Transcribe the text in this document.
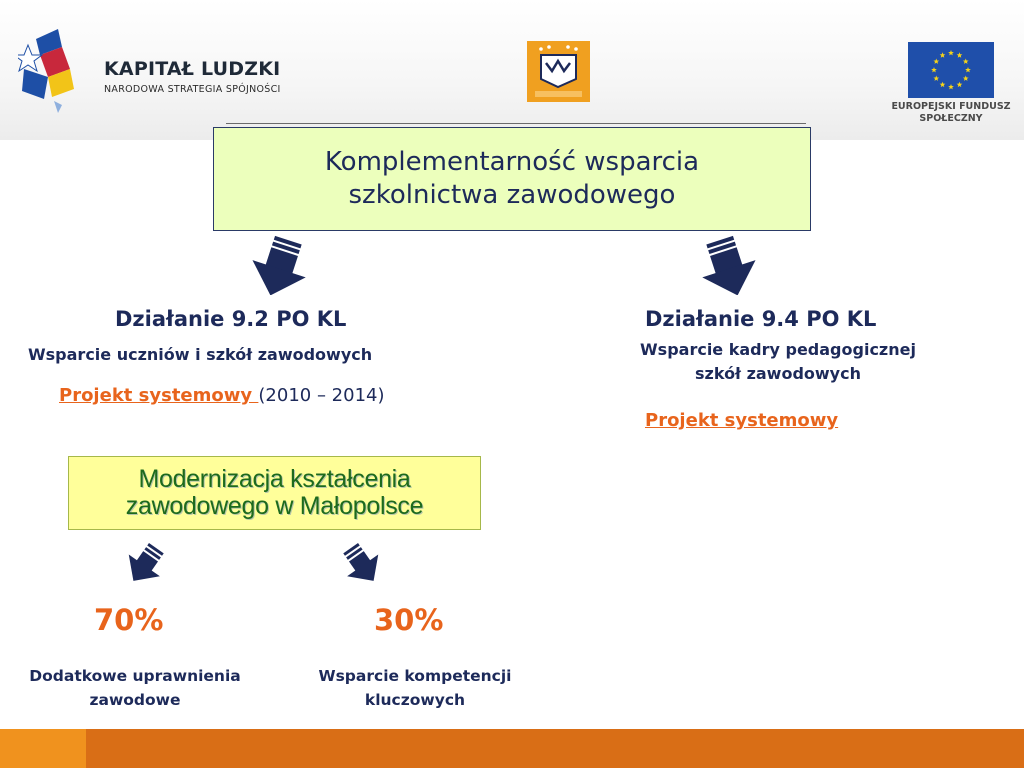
KAPITAŁ LUDZKI
NARODOWA STRATEGIA SPÓJNOŚCI
EUROPEJSKI FUNDUSZ
SPOŁECZNY
Komplementarność wsparcia
szkolnictwa zawodowego
Działanie 9.2 PO KL
Wsparcie uczniów i szkół zawodowych
Projekt systemowy (2010 – 2014)
Działanie 9.4 PO KL
Wsparcie kadry pedagogicznej
szkół zawodowych
Projekt systemowy
Modernizacja kształcenia
zawodowego w Małopolsce
70%	30%
Dodatkowe uprawnienia
zawodowe
Wsparcie kompetencji
kluczowych
